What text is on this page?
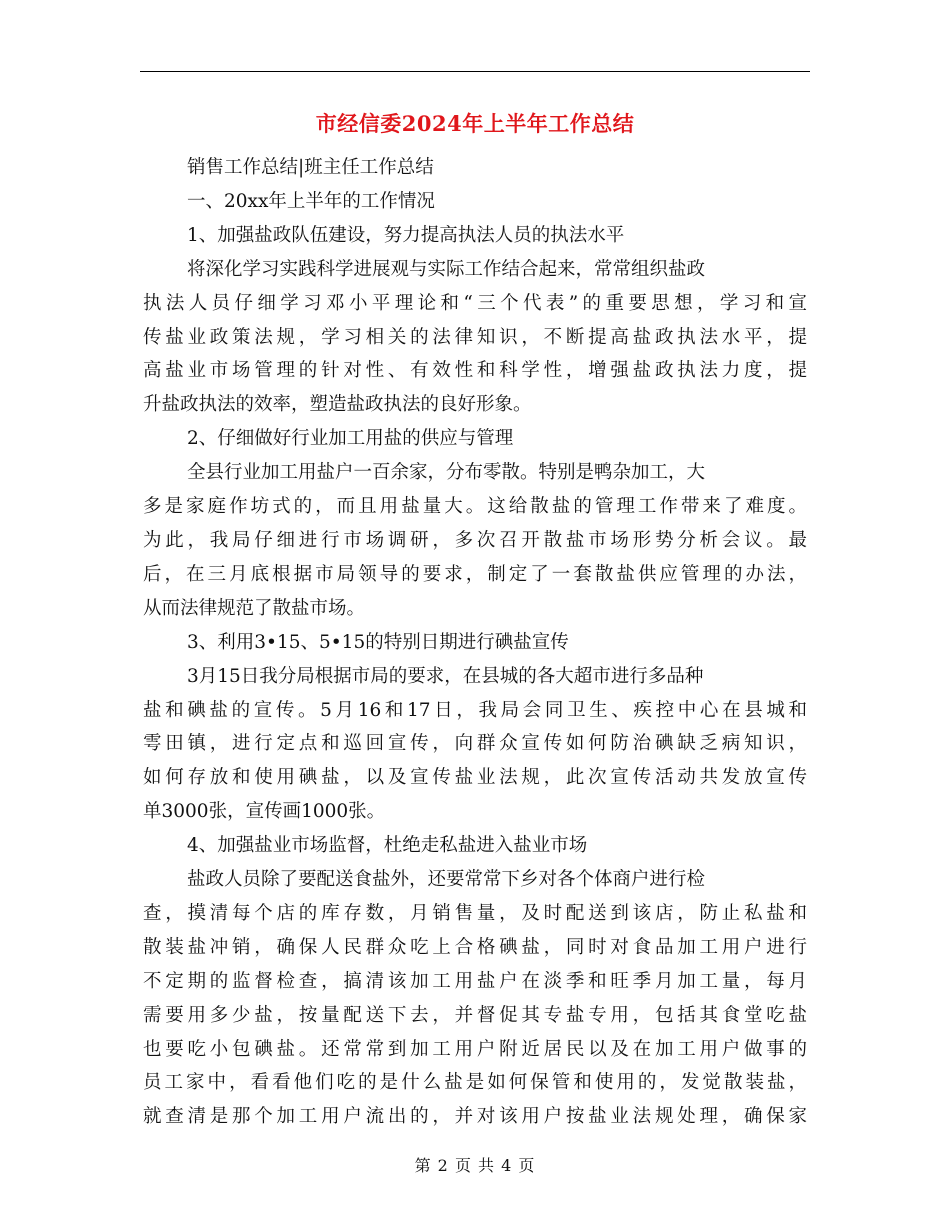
市经信委2024年上半年工作总结
销售工作总结|班主任工作总结
一、20xx年上半年的工作情况
1、加强盐政队伍建设，努力提高执法人员的执法水平
将深化学习实践科学进展观与实际工作结合起来，常常组织盐政
执法人员仔细学习邓小平理论和“三个代表”的重要思想，学习和宣
传盐业政策法规，学习相关的法律知识，不断提高盐政执法水平，提
高盐业市场管理的针对性、有效性和科学性，增强盐政执法力度，提
升盐政执法的效率，塑造盐政执法的良好形象。
2、仔细做好行业加工用盐的供应与管理
全县行业加工用盐户一百余家，分布零散。特别是鸭杂加工，大
多是家庭作坊式的，而且用盐量大。这给散盐的管理工作带来了难度。
为此，我局仔细进行市场调研，多次召开散盐市场形势分析会议。最
后，在三月底根据市局领导的要求，制定了一套散盐供应管理的办法，
从而法律规范了散盐市场。
3、利用3•15、5•15的特别日期进行碘盐宣传
3月15日我分局根据市局的要求，在县城的各大超市进行多品种
盐和碘盐的宣传。5月16和17日，我局会同卫生、疾控中心在县城和
雩田镇，进行定点和巡回宣传，向群众宣传如何防治碘缺乏病知识，
如何存放和使用碘盐，以及宣传盐业法规，此次宣传活动共发放宣传
单3000张，宣传画1000张。
4、加强盐业市场监督，杜绝走私盐进入盐业市场
盐政人员除了要配送食盐外，还要常常下乡对各个体商户进行检
查，摸清每个店的库存数，月销售量，及时配送到该店，防止私盐和
散装盐冲销，确保人民群众吃上合格碘盐，同时对食品加工用户进行
不定期的监督检查，搞清该加工用盐户在淡季和旺季月加工量，每月
需要用多少盐，按量配送下去，并督促其专盐专用，包括其食堂吃盐
也要吃小包碘盐。还常常到加工用户附近居民以及在加工用户做事的
员工家中，看看他们吃的是什么盐是如何保管和使用的，发觉散装盐，
就查清是那个加工用户流出的，并对该用户按盐业法规处理，确保家
第 2 页 共 4 页
